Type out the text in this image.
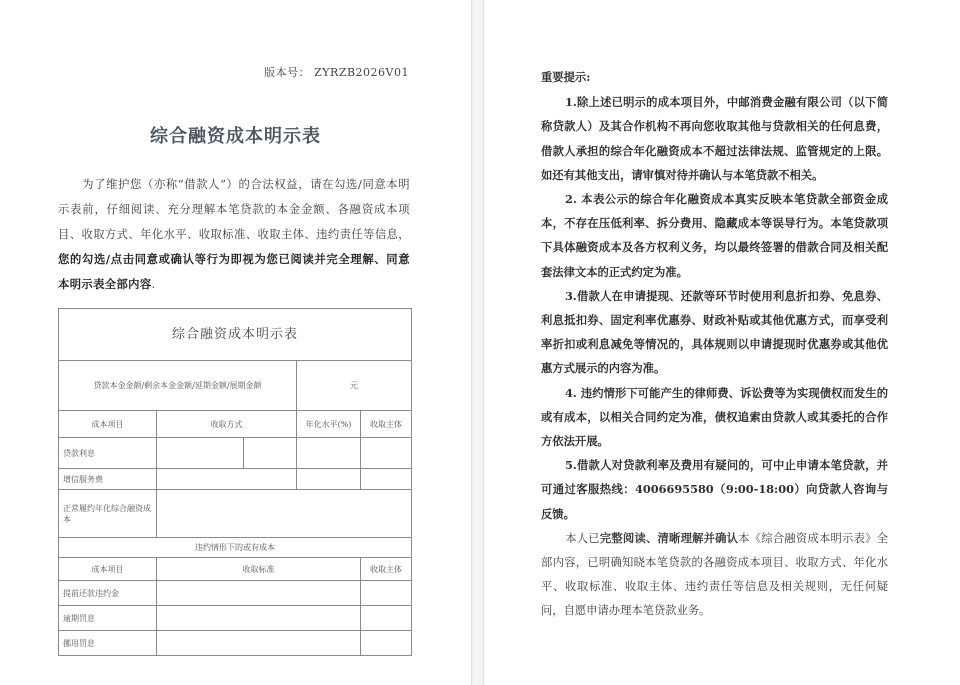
版本号： ZYRZB2026V01
综合融资成本明示表
为了维护您（亦称“借款人”）的合法权益，请在勾选/同意本明示表前，仔细阅读、充分理解本笔贷款的本金金额、各融资成本项目、收取方式、年化水平、收取标准、收取主体、违约责任等信息，您的勾选/点击同意或确认等行为即视为您已阅读并完全理解、同意本明示表全部内容.
综合融资成本明示表				
贷款本金金额/剩余本金金额/延期金额/展期金额			元	
成本项目	收取方式		年化水平(%)	收取主体
贷款利息				
增信服务费				
正常履约年化综合融资成本				
违约情形下的或有成本				
成本项目	收取标准			收取主体
提前还款违约金				
逾期罚息				
挪用罚息				

重要提示:

1.除上述已明示的成本项目外，中邮消费金融有限公司（以下简称贷款人）及其合作机构不再向您收取其他与贷款相关的任何息费，借款人承担的综合年化融资成本不超过法律法规、监管规定的上限。如还有其他支出，请审慎对待并确认与本笔贷款不相关。

2. 本表公示的综合年化融资成本真实反映本笔贷款全部资金成本，不存在压低利率、拆分费用、隐藏成本等误导行为。本笔贷款项下具体融资成本及各方权利义务，均以最终签署的借款合同及相关配套法律文本的正式约定为准。

3.借款人在申请提现、还款等环节时使用利息折扣券、免息券、利息抵扣券、固定利率优惠券、财政补贴或其他优惠方式，而享受利率折扣或利息减免等情况的，具体规则以申请提现时优惠券或其他优惠方式展示的内容为准。

4. 违约情形下可能产生的律师费、诉讼费等为实现债权而发生的或有成本，以相关合同约定为准，债权追索由贷款人或其委托的合作方依法开展。

5.借款人对贷款利率及费用有疑问的，可中止申请本笔贷款，并可通过客服热线：4006695580（9:00-18:00）向贷款人咨询与反馈。

本人已完整阅读、清晰理解并确认本《综合融资成本明示表》全部内容，已明确知晓本笔贷款的各融资成本项目、收取方式、年化水平、收取标准、收取主体、违约责任等信息及相关规则，无任何疑问，自愿申请办理本笔贷款业务。
